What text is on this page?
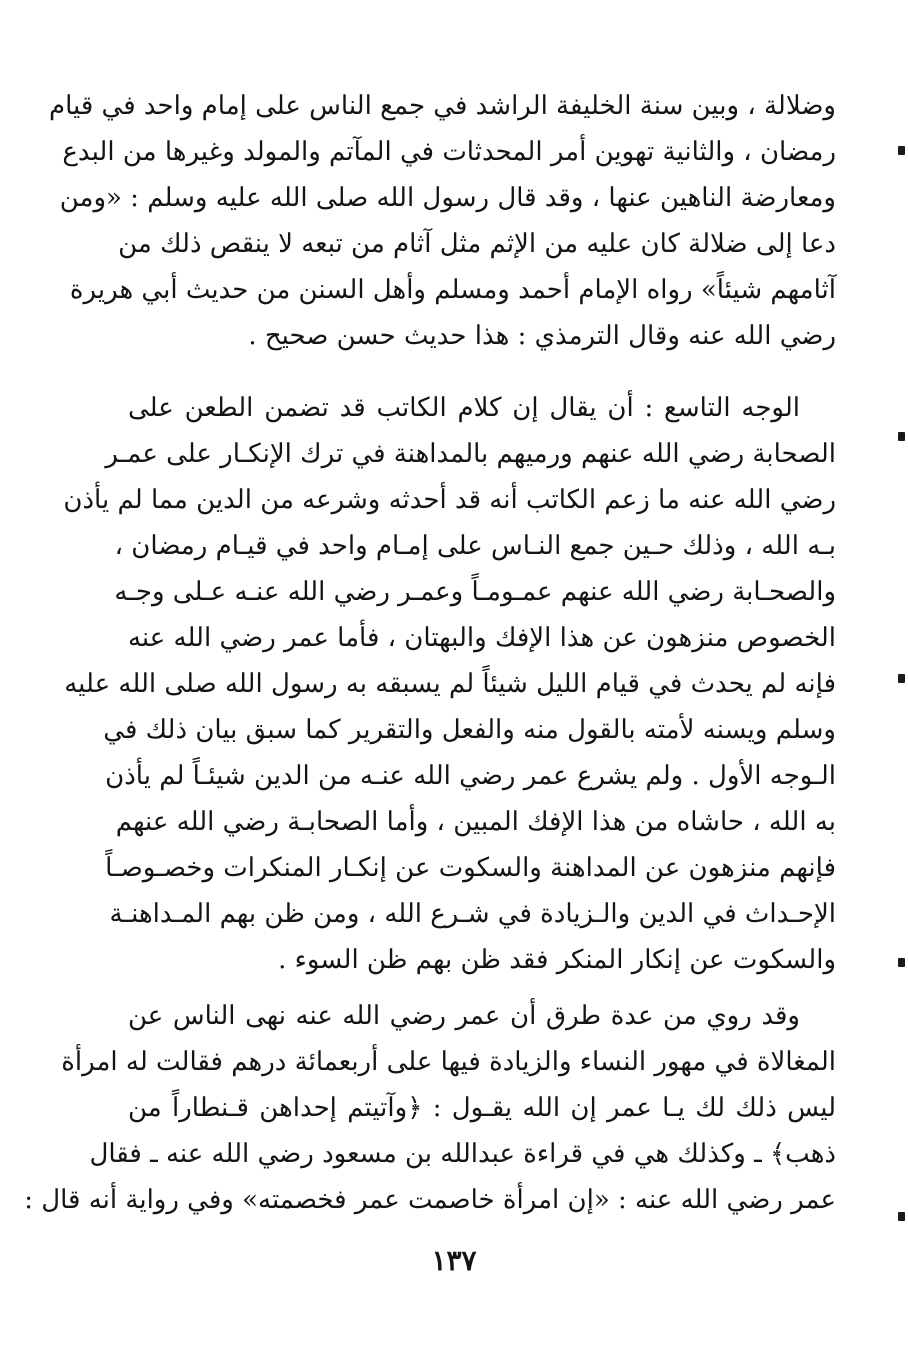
وضلالة ، وبين سنة الخليفة الراشد في جمع الناس على إمام واحد في قيام
رمضان ، والثانية تهوين أمر المحدثات في المآتم والمولد وغيرها من البدع
ومعارضة الناهين عنها ، وقد قال رسول الله صلى الله عليه وسلم : «ومن
دعا إلى ضلالة كان عليه من الإثم مثل آثام من تبعه لا ينقص ذلك من
آثامهم شيئاً» رواه الإمام أحمد ومسلم وأهل السنن من حديث أبي هريرة
رضي الله عنه وقال الترمذي : هذا حديث حسن صحيح .
الوجه التاسع : أن يقال إن كلام الكاتب قد تضمن الطعن على
الصحابة رضي الله عنهم ورميهم بالمداهنة في ترك الإنكـار على عمـر
رضي الله عنه ما زعم الكاتب أنه قد أحدثه وشرعه من الدين مما لم يأذن
بـه الله ، وذلك حـين جمع النـاس على إمـام واحد في قيـام رمضان ،
والصحـابة رضي الله عنهم عمـومـاً وعمـر رضي الله عنـه عـلى وجـه
الخصوص منزهون عن هذا الإفك والبهتان ، فأما عمر رضي الله عنه
فإنه لم يحدث في قيام الليل شيئاً لم يسبقه به رسول الله صلى الله عليه
وسلم ويسنه لأمته بالقول منه والفعل والتقرير كما سبق بيان ذلك في
الـوجه الأول . ولم يشرع عمر رضي الله عنـه من الدين شيئـاً لم يأذن
به الله ، حاشاه من هذا الإفك المبين ، وأما الصحابـة رضي الله عنهم
فإنهم منزهون عن المداهنة والسكوت عن إنكـار المنكرات وخصـوصـاً
الإحـداث في الدين والـزيادة في شـرع الله ، ومن ظن بهم المـداهنـة
والسكوت عن إنكار المنكر فقد ظن بهم ظن السوء .
وقد روي من عدة طرق أن عمر رضي الله عنه نهى الناس عن
المغالاة في مهور النساء والزيادة فيها على أربعمائة درهم فقالت له امرأة
ليس ذلك لك يـا عمر إن الله يقـول : ﴿وآتيتم إحداهن قـنطاراً من
ذهب﴾ ـ وكذلك هي في قراءة عبدالله بن مسعود رضي الله عنه ـ فقال
عمر رضي الله عنه : «إن امرأة خاصمت عمر فخصمته» وفي رواية أنه قال :
١٣٧
